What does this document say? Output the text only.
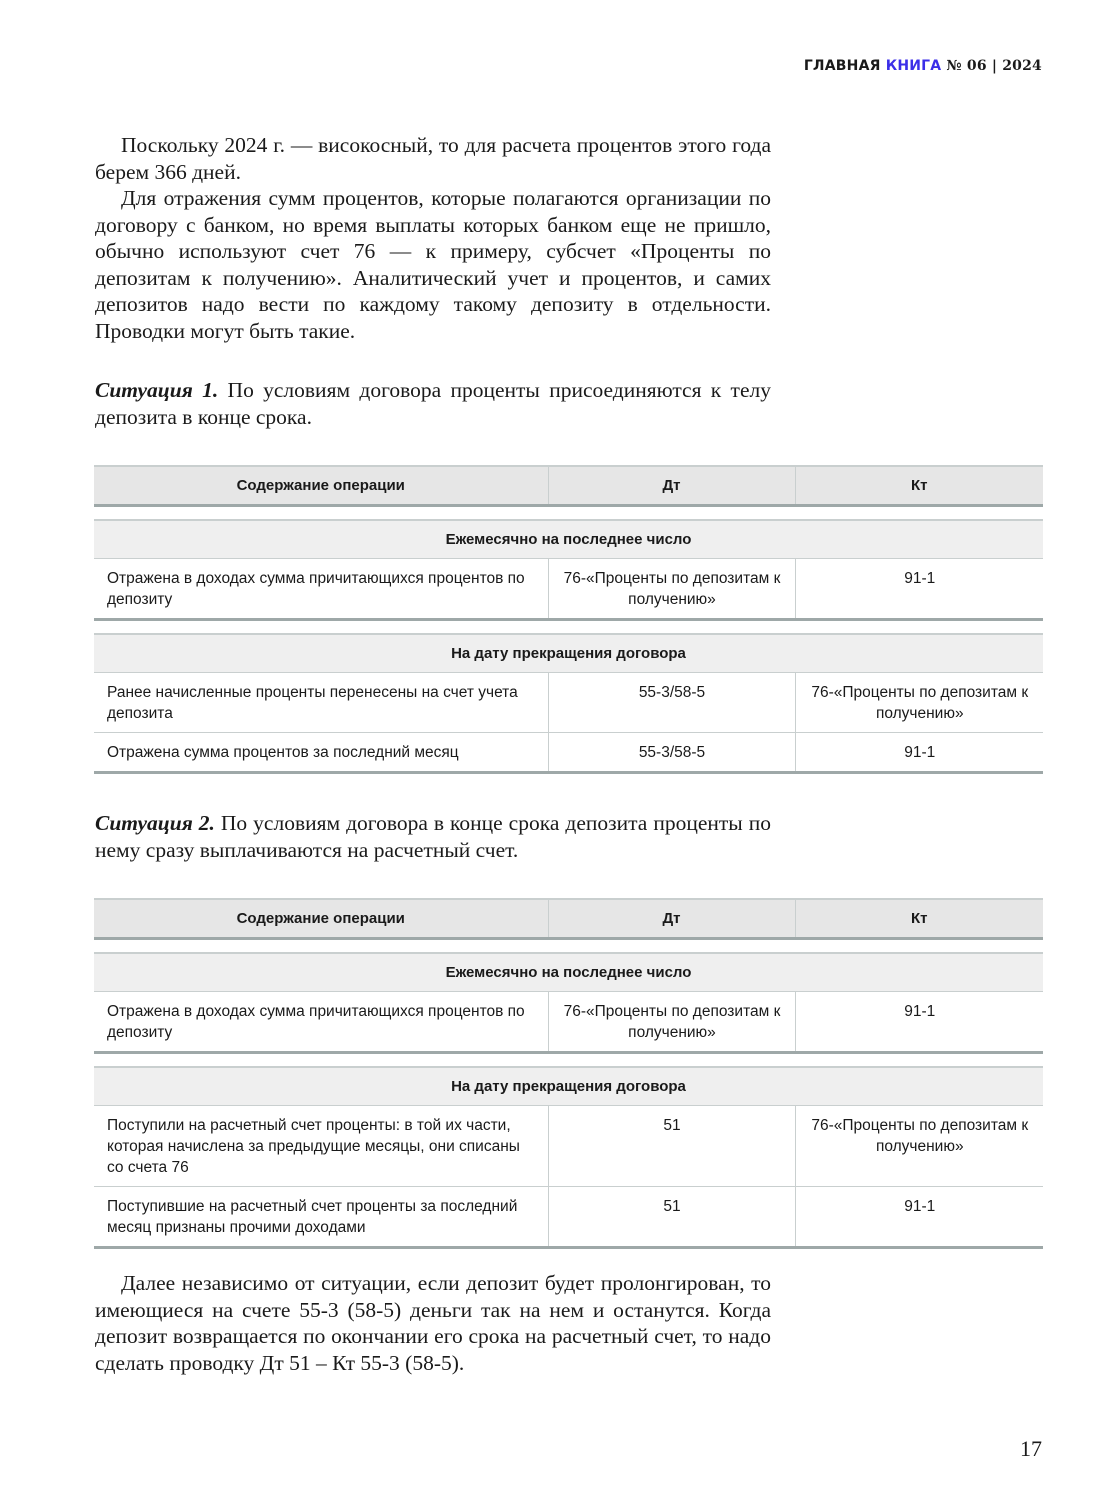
ГЛАВНАЯ КНИГА № 06 | 2024

Поскольку 2024 г. — високосный, то для расчета процентов этого года берем 366 дней.

Для отражения сумм процентов, которые полагаются организации по договору с банком, но время выплаты которых банком еще не пришло, обычно используют счет 76 — к примеру, субсчет «Проценты по депозитам к получению». Аналитический учет и процентов, и самих депозитов надо вести по каждому такому депозиту в отдельности. Проводки могут быть такие.

Ситуация 1. По условиям договора проценты присоединяются к телу депозита в конце срока.

Содержание операции	Дт	Кт
Ежемесячно на последнее число
Отражена в доходах сумма причитающихся процентов по депозиту	76-«Проценты по депозитам к получению»	91-1
На дату прекращения договора		
Ранее начисленные проценты перенесены на счет учета депозита	55-3/58-5	76-«Проценты по депозитам к получению»
Отражена сумма процентов за последний месяц	55-3/58-5	91-1

Ситуация 2. По условиям договора в конце срока депозита проценты по нему сразу выплачиваются на расчетный счет.

Содержание операции	Дт	Кт
Ежемесячно на последнее число
Отражена в доходах сумма причитающихся процентов по депозиту	76-«Проценты по депозитам к получению»	91-1
На дату прекращения договора		
Поступили на расчетный счет проценты: в той их части, которая начислена за предыдущие месяцы, они списаны со счета 76	51	76-«Проценты по депозитам к получению»
Поступившие на расчетный счет проценты за последний месяц признаны прочими доходами	51	91-1

Далее независимо от ситуации, если депозит будет пролонгирован, то имеющиеся на счете 55-3 (58-5) деньги так на нем и останутся. Когда депозит возвращается по окончании его срока на расчетный счет, то надо сделать проводку Дт 51 – Кт 55-3 (58-5).

17
